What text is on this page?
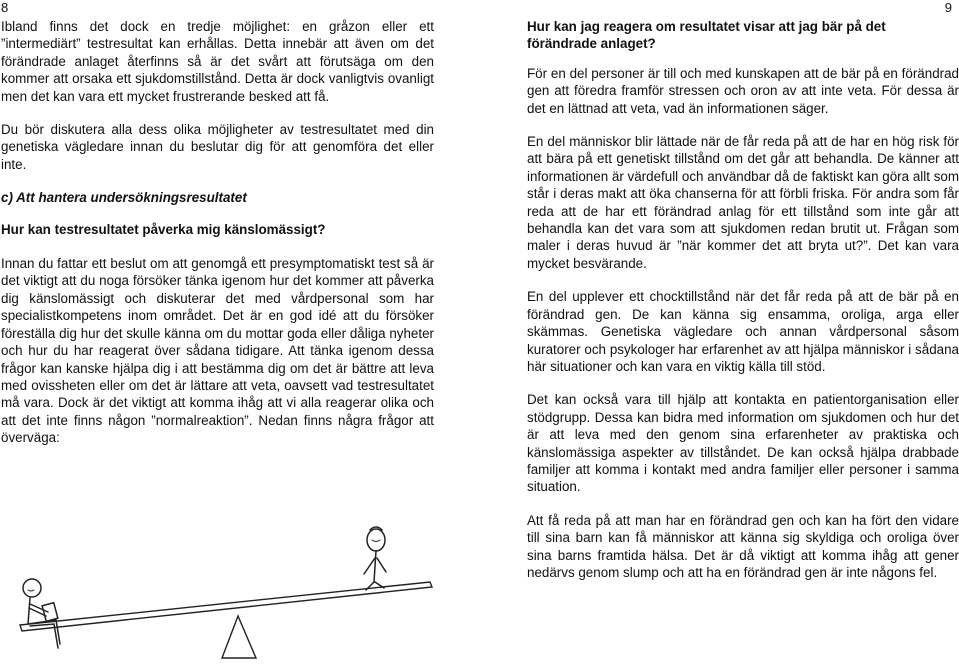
8	9

Ibland finns det dock en tredje möjlighet: en gråzon eller ett ”intermediärt” testresultat kan erhållas. Detta innebär att även om det förändrade anlaget återfinns så är det svårt att förutsäga om den kommer att orsaka ett sjukdomstillstånd. Detta är dock vanligtvis ovanligt men det kan vara ett mycket frustrerande besked att få.

Du bör diskutera alla dess olika möjligheter av testresultatet med din genetiska vägledare innan du beslutar dig för att genomföra det eller inte.

c) Att hantera undersökningsresultatet
Hur kan testresultatet påverka mig känslomässigt?

Innan du fattar ett beslut om att genomgå ett presymptomatiskt test så är det viktigt att du noga försöker tänka igenom hur det kommer att påverka dig känslomässigt och diskuterar det med vårdpersonal som har specialistkompetens inom området. Det är en god idé att du försöker föreställa dig hur det skulle känna om du mottar goda eller dåliga nyheter och hur du har reagerat över sådana tidigare. Att tänka igenom dessa frågor kan kanske hjälpa dig i att bestämma dig om det är bättre att leva med ovissheten eller om det är lättare att veta, oavsett vad testresultatet må vara. Dock är det viktigt att komma ihåg att vi alla reagerar olika och att det inte finns någon ”normalreaktion”. Nedan finns några frågor att överväga:

Hur kan jag reagera om resultatet visar att jag bär på det förändrade anlaget?

För en del personer är till och med kunskapen att de bär på en förändrad gen att föredra framför stressen och oron av att inte veta. För dessa är det en lättnad att veta, vad än informationen säger.

En del människor blir lättade när de får reda på att de har en hög risk för att bära på ett genetiskt tillstånd om det går att behandla. De känner att informationen är värdefull och användbar då de faktiskt kan göra allt som står i deras makt att öka chanserna för att förbli friska. För andra som får reda att de har ett förändrad anlag för ett tillstånd som inte går att behandla kan det vara som att sjukdomen redan brutit ut. Frågan som maler i deras huvud är ”när kommer det att bryta ut?”. Det kan vara mycket besvärande.

En del upplever ett chocktillstånd när det får reda på att de bär på en förändrad gen. De kan känna sig ensamma, oroliga, arga eller skämmas. Genetiska vägledare och annan vårdpersonal såsom kuratorer och psykologer har erfarenhet av att hjälpa människor i sådana här situationer och kan vara en viktig källa till stöd.

Det kan också vara till hjälp att kontakta en patientorganisation eller stödgrupp. Dessa kan bidra med information om sjukdomen och hur det är att leva med den genom sina erfarenheter av praktiska och känslomässiga aspekter av tillståndet. De kan också hjälpa drabbade familjer att komma i kontakt med andra familjer eller personer i samma situation.

Att få reda på att man har en förändrad gen och kan ha fört den vidare till sina barn kan få människor att känna sig skyldiga och oroliga över sina barns framtida hälsa. Det är då viktigt att komma ihåg att gener nedärvs genom slump och att ha en förändrad gen är inte någons fel.
